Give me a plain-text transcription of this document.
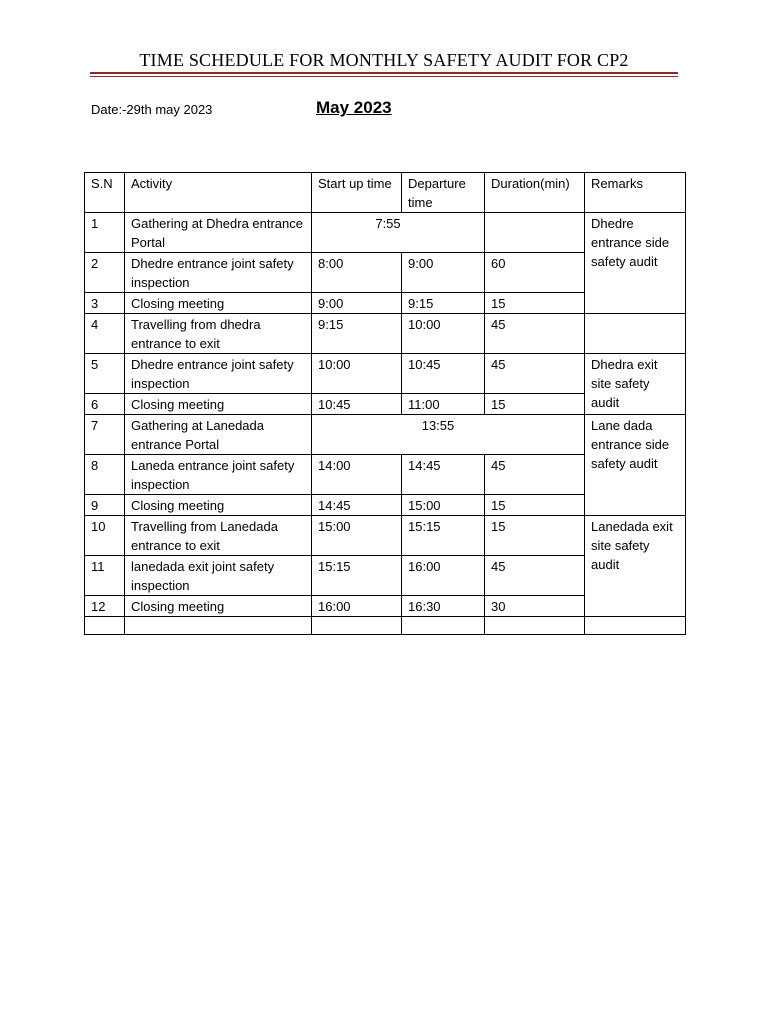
TIME SCHEDULE FOR MONTHLY SAFETY AUDIT FOR CP2
Date:-29th may 2023	May 2023
S.N	Activity	Start up time	Departure time	Duration(min)	Remarks
1	Gathering at Dhedra entrance Portal	7:55			Dhedre entrance side safety audit
2	Dhedre entrance joint safety inspection	8:00	9:00	60	
3	Closing meeting	9:00	9:15	15	
4	Travelling from dhedra entrance to exit	9:15	10:00	45	
5	Dhedre entrance joint safety inspection	10:00	10:45	45	Dhedra exit site safety audit
6	Closing meeting	10:45	11:00	15	
7	Gathering at Lanedada entrance Portal	13:55			Lane dada entrance side safety audit
8	Laneda entrance joint safety inspection	14:00	14:45	45	
9	Closing meeting	14:45	15:00	15	
10	Travelling from Lanedada entrance to exit	15:00	15:15	15	Lanedada exit site safety audit
11	lanedada exit joint safety inspection	15:15	16:00	45	
12	Closing meeting	16:00	16:30	30	
